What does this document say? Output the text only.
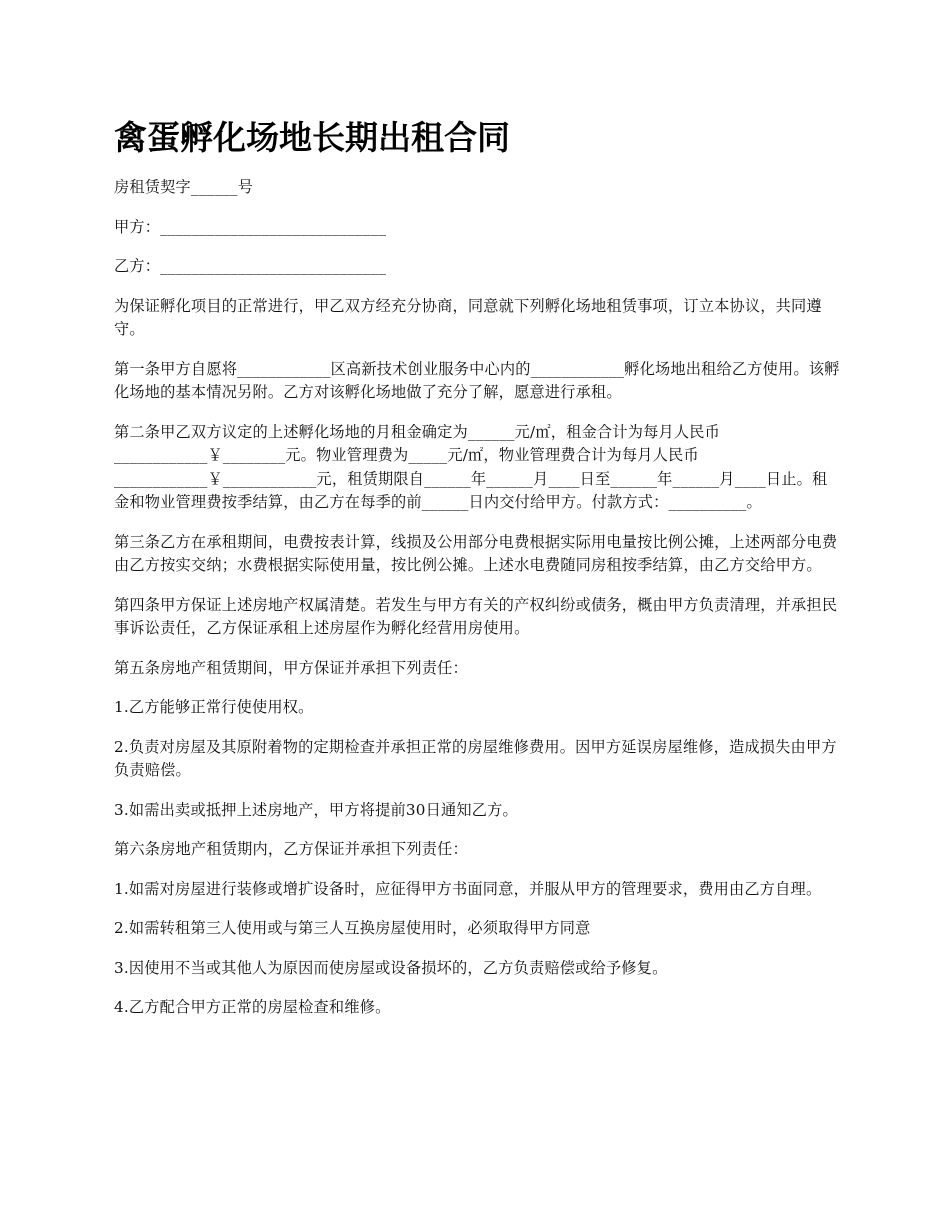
禽蛋孵化场地长期出租合同

房租赁契字______号

甲方：_____________________________

乙方：_____________________________

为保证孵化项目的正常进行，甲乙双方经充分协商，同意就下列孵化场地租赁事项，订立本协议，共同遵守。

第一条甲方自愿将____________区高新技术创业服务中心内的____________孵化场地出租给乙方使用。该孵化场地的基本情况另附。乙方对该孵化场地做了充分了解，愿意进行承租。

第二条甲乙双方议定的上述孵化场地的月租金确定为______元/㎡，租金合计为每月人民币____________￥________元。物业管理费为_____元/㎡，物业管理费合计为每月人民币____________￥____________元，租赁期限自______年______月____日至______年______月____日止。租金和物业管理费按季结算，由乙方在每季的前______日内交付给甲方。付款方式：__________。

第三条乙方在承租期间，电费按表计算，线损及公用部分电费根据实际用电量按比例公摊，上述两部分电费由乙方按实交纳；水费根据实际使用量，按比例公摊。上述水电费随同房租按季结算，由乙方交给甲方。

第四条甲方保证上述房地产权属清楚。若发生与甲方有关的产权纠纷或债务，概由甲方负责清理，并承担民事诉讼责任，乙方保证承租上述房屋作为孵化经营用房使用。

第五条房地产租赁期间，甲方保证并承担下列责任：

1.乙方能够正常行使使用权。

2.负责对房屋及其原附着物的定期检查并承担正常的房屋维修费用。因甲方延误房屋维修，造成损失由甲方负责赔偿。

3.如需出卖或抵押上述房地产，甲方将提前30日通知乙方。

第六条房地产租赁期内，乙方保证并承担下列责任：

1.如需对房屋进行装修或增扩设备时，应征得甲方书面同意，并服从甲方的管理要求，费用由乙方自理。

2.如需转租第三人使用或与第三人互换房屋使用时，必须取得甲方同意

3.因使用不当或其他人为原因而使房屋或设备损坏的，乙方负责赔偿或给予修复。

4.乙方配合甲方正常的房屋检查和维修。
